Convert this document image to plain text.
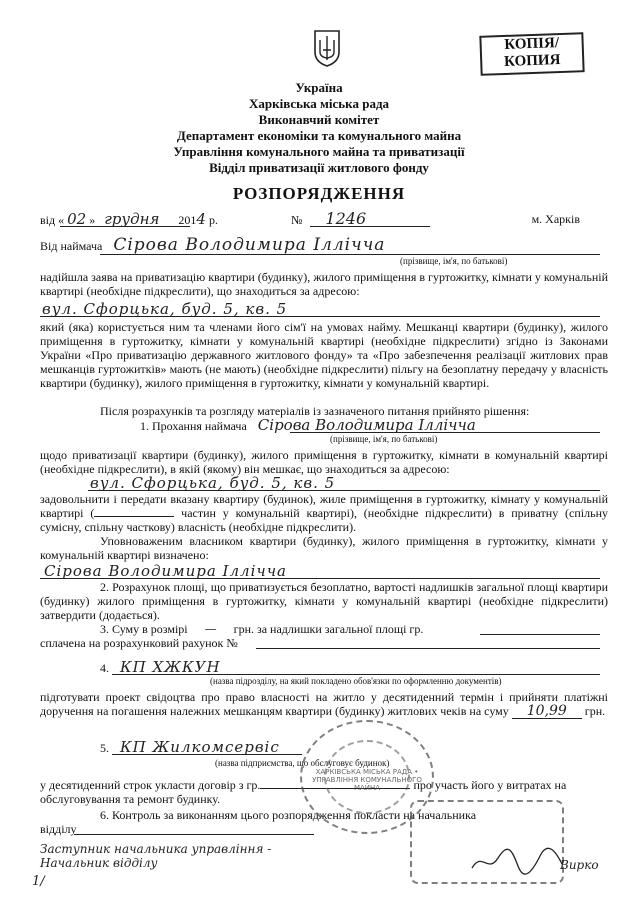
КОПІЯ/
КОПИЯ
Україна
Харківська міська рада
Виконавчий комітет
Департамент економіки та комунального майна
Управління комунального майна та приватизації
Відділ приватизації житлового фонду
РОЗПОРЯДЖЕННЯ
від « 02 » грудня 2014 р.	№ 1246	м. Харків
Від наймача Сірова Володимира Іллічча
(прізвище, ім'я, по батькові)
надійшла заява на приватизацію квартири (будинку), жилого приміщення в гуртожитку, кімнати у комунальній квартирі (необхідне підкреслити), що знаходиться за адресою:
вул. Сфорцька, буд. 5, кв. 5
який (яка) користується ним та членами його сім'ї на умовах найму. Мешканці квартири (будинку), жилого приміщення в гуртожитку, кімнати у комунальній квартирі (необхідне підкреслити) згідно із Законами України «Про приватизацію державного житлового фонду» та «Про забезпечення реалізації житлових прав мешканців гуртожитків» мають (не мають) (необхідне підкреслити) пільгу на безоплатну передачу у власність квартири (будинку), жилого приміщення в гуртожитку, кімнати у комунальній квартирі.
Після розрахунків та розгляду матеріалів із зазначеного питання прийнято рішення:
1. Прохання наймача Сірова Володимира Іллічча
(прізвище, ім'я, по батькові)
щодо приватизації квартири (будинку), жилого приміщення в гуртожитку, кімнати в комунальній квартирі (необхідне підкреслити), в якій (якому) він мешкає, що знаходиться за адресою:
вул. Сфорцька, буд. 5, кв. 5
задовольнити і передати вказану квартиру (будинок), жиле приміщення в гуртожитку, кімнату у комунальній квартирі (	частин у комунальній квартирі), (необхідне підкреслити) в приватну (спільну сумісну, спільну часткову) власність (необхідне підкреслити).
Уповноваженим власником квартири (будинку), жилого приміщення в гуртожитку, кімнати у комунальній квартирі визначено:
Сірова Володимира Іллічча
2. Розрахунок площі, що приватизується безоплатно, вартості надлишків загальної площі квартири (будинку) жилого приміщення в гуртожитку, кімнати у комунальній квартирі (необхідне підкреслити) затвердити (додається).
3. Суму в розмірі — грн. за надлишки загальної площі гр.
сплачена на розрахунковий рахунок №
4. КП ХЖКУН
(назва підрозділу, на який покладено обов'язки по оформленню документів)
підготувати проект свідоцтва про право власності на житло у десятиденний термін і прийняти платіжні доручення на погашення належних мешканцям квартири (будинку) житлових чеків на суму 10,99 грн.
5. КП Жилкомсервіс
(назва підприємства, що обслуговує будинок)
у десятиденний строк укласти договір з гр.	про участь його у витратах на обслуговування та ремонт будинку.
6. Контроль за виконанням цього розпорядження покласти на начальника
відділу
ХАРКІВСЬКА МІСЬКА РАДА • УПРАВЛІННЯ КОМУНАЛЬНОГО МАЙНА
Заступник начальника управління -
Начальник відділу	Вирко
1/
